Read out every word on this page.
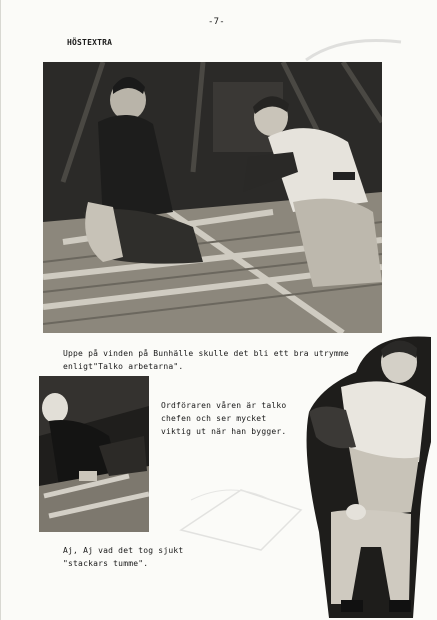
-7-
HÖSTEXTRA
Uppe på vinden på Bunhälle skulle det bli ett bra utrymme
enligt"Talko arbetarna".
Ordföraren våren är talko
chefen och ser mycket
viktig ut när han bygger.
Aj, Aj vad det tog sjukt
"stackars tumme".
